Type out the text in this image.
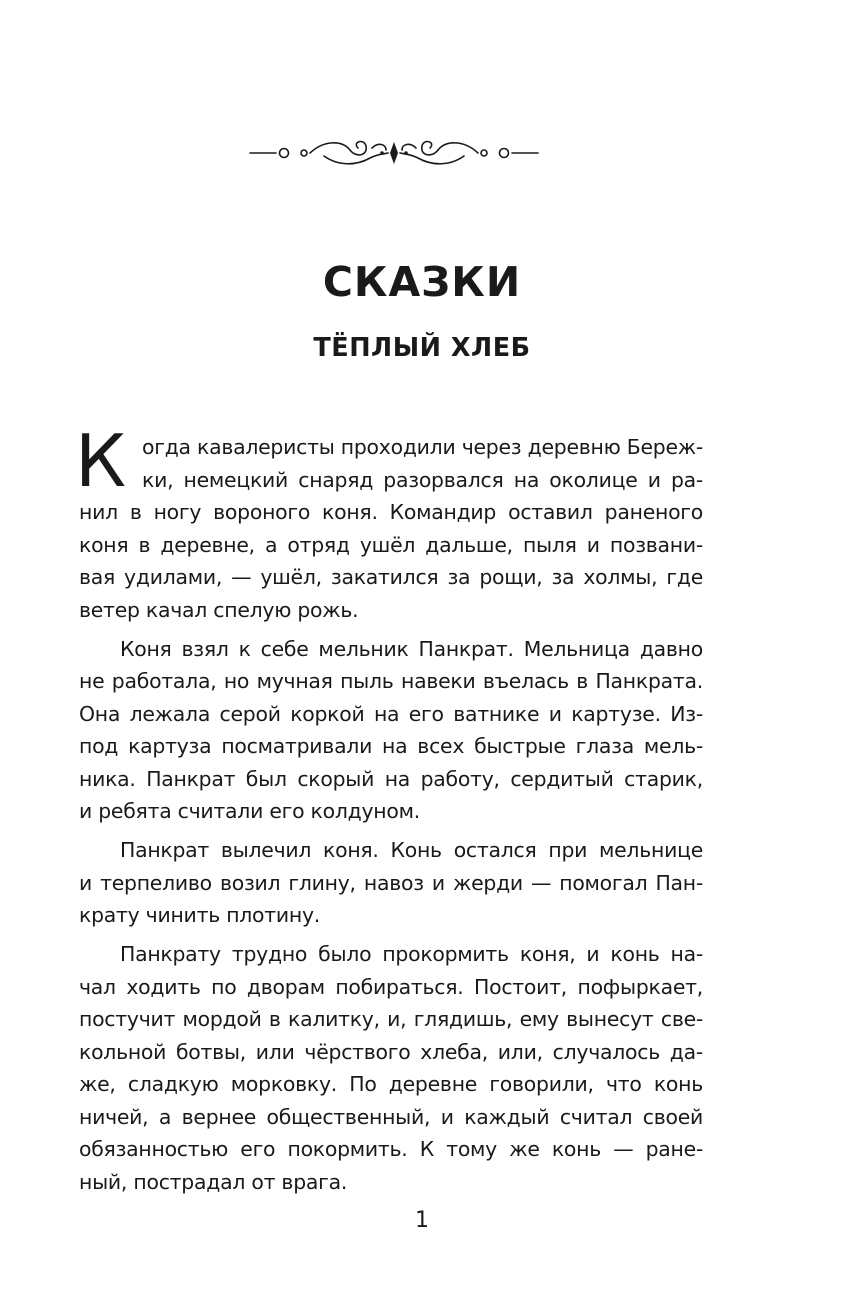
СКАЗКИ
ТЁПЛЫЙ ХЛЕБ
К огда кавалеристы проходили через деревню Береж-
ки, немецкий снаряд разорвался на околице и ра-
нил в ногу вороного коня. Командир оставил раненого
коня в деревне, а отряд ушёл дальше, пыля и позвани-
вая удилами, — ушёл, закатился за рощи, за холмы, где
ветер качал спелую рожь.
Коня взял к себе мельник Панкрат. Мельница давно
не работала, но мучная пыль навеки въелась в Панкрата.
Она лежала серой коркой на его ватнике и картузе. Из-
под картуза посматривали на всех быстрые глаза мель-
ника. Панкрат был скорый на работу, сердитый старик,
и ребята считали его колдуном.
Панкрат вылечил коня. Конь остался при мельнице
и терпеливо возил глину, навоз и жерди — помогал Пан-
крату чинить плотину.
Панкрату трудно было прокормить коня, и конь на-
чал ходить по дворам побираться. Постоит, пофыркает,
постучит мордой в калитку, и, глядишь, ему вынесут све-
кольной ботвы, или чёрствого хлеба, или, случалось да-
же, сладкую морковку. По деревне говорили, что конь
ничей, а вернее общественный, и каждый считал своей
обязанностью его покормить. К тому же конь — ране-
ный, пострадал от врага.
1
